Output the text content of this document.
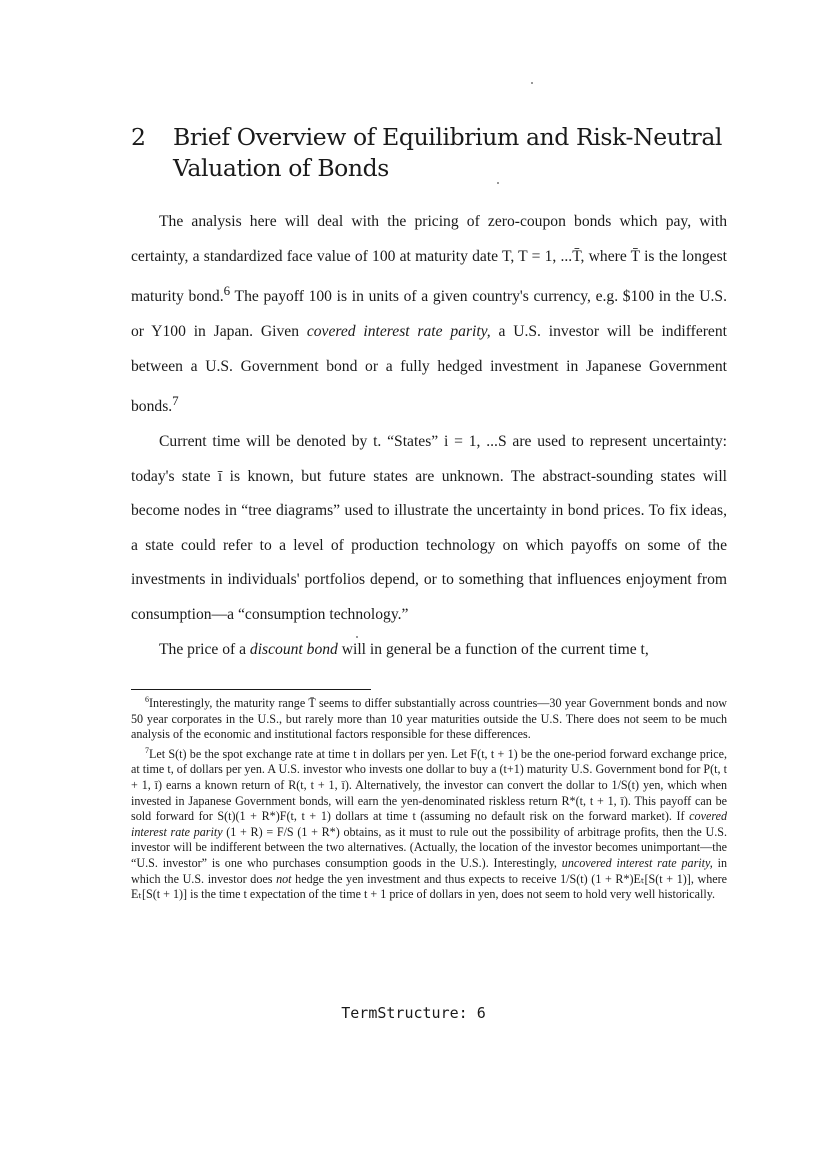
2 Brief Overview of Equilibrium and Risk-Neutral
Valuation of Bonds

The analysis here will deal with the pricing of zero-coupon bonds which pay, with certainty, a standardized face value of 100 at maturity date T, T = 1, ...T̄, where T̄ is the longest maturity bond.$^6$ The payoff 100 is in units of a given country's currency, e.g. $100 in the U.S. or Y100 in Japan. Given covered interest rate parity, a U.S. investor will be indifferent between a U.S. Government bond or a fully hedged investment in Japanese Government bonds.$^7$

Current time will be denoted by t. “States” i = 1, ...S are used to represent uncertainty: today's state ī is known, but future states are unknown. The abstract-sounding states will become nodes in “tree diagrams” used to illustrate the uncertainty in bond prices. To fix ideas, a state could refer to a level of production technology on which payoffs on some of the investments in individuals' portfolios depend, or to something that influences enjoyment from consumption—a “consumption technology.”

The price of a discount bond will in general be a function of the current time t,

$^6$Interestingly, the maturity range T̄ seems to differ substantially across countries—30 year Government bonds and now 50 year corporates in the U.S., but rarely more than 10 year maturities outside the U.S. There does not seem to be much analysis of the economic and institutional factors responsible for these differences.

$^7$Let S(t) be the spot exchange rate at time t in dollars per yen. Let F(t, t + 1) be the one-period forward exchange price, at time t, of dollars per yen. A U.S. investor who invests one dollar to buy a (t+1) maturity U.S. Government bond for P(t, t + 1, ī) earns a known return of R(t, t + 1, ī). Alternatively, the investor can convert the dollar to 1/S(t) yen, which when invested in Japanese Government bonds, will earn the yen-denominated riskless return R*(t, t + 1, ī). This payoff can be sold forward for S(t)(1 + R*)F(t, t + 1) dollars at time t (assuming no default risk on the forward market). If covered interest rate parity (1 + R) = F/S (1 + R*) obtains, as it must to rule out the possibility of arbitrage profits, then the U.S. investor will be indifferent between the two alternatives. (Actually, the location of the investor becomes unimportant—the “U.S. investor” is one who purchases consumption goods in the U.S.). Interestingly, uncovered interest rate parity, in which the U.S. investor does not hedge the yen investment and thus expects to receive 1/S(t) (1 + R*)Eₜ[S(t + 1)], where Eₜ[S(t + 1)] is the time t expectation of the time t + 1 price of dollars in yen, does not seem to hold very well historically.

TermStructure: 6
